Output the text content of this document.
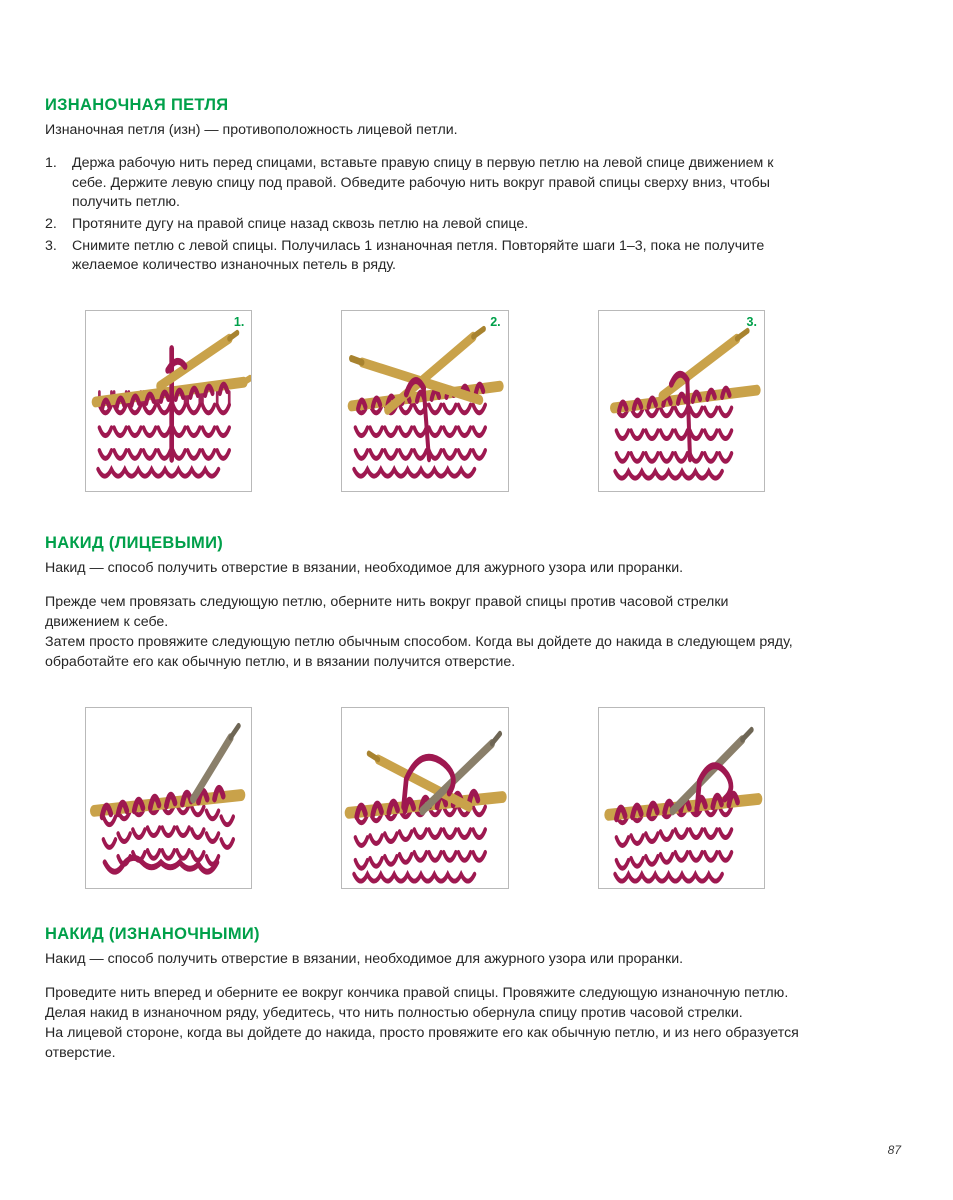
ИЗНАНОЧНАЯ ПЕТЛЯ

Изнаночная петля (изн) — противоположность лицевой петли.

1.	Держа рабочую нить перед спицами, вставьте правую спицу в первую петлю на левой спице движением к себе. Держите левую спицу под правой. Обведите рабочую нить вокруг правой спицы сверху вниз, чтобы получить петлю.
2.	Протяните дугу на правой спице назад сквозь петлю на левой спице.
3.	Снимите петлю с левой спицы. Получилась 1 изнаночная петля. Повторяйте шаги 1–3, пока не получите желаемое количество изнаночных петель в ряду.
1.	2.	3.
НАКИД (ЛИЦЕВЫМИ)

Накид — способ получить отверстие в вязании, необходимое для ажурного узора или проранки.

Прежде чем провязать следующую петлю, оберните нить вокруг правой спицы против часовой стрелки движением к себе.

Затем просто провяжите следующую петлю обычным способом. Когда вы дойдете до накида в следующем ряду, обработайте его как обычную петлю, и в вязании получится отверстие.

НАКИД (ИЗНАНОЧНЫМИ)

Накид — способ получить отверстие в вязании, необходимое для ажурного узора или проранки.

Проведите нить вперед и оберните ее вокруг кончика правой спицы. Провяжите следующую изнаночную петлю.

Делая накид в изнаночном ряду, убедитесь, что нить полностью обернула спицу против часовой стрелки.

На лицевой стороне, когда вы дойдете до накида, просто провяжите его как обычную петлю, и из него образуется отверстие.

87
